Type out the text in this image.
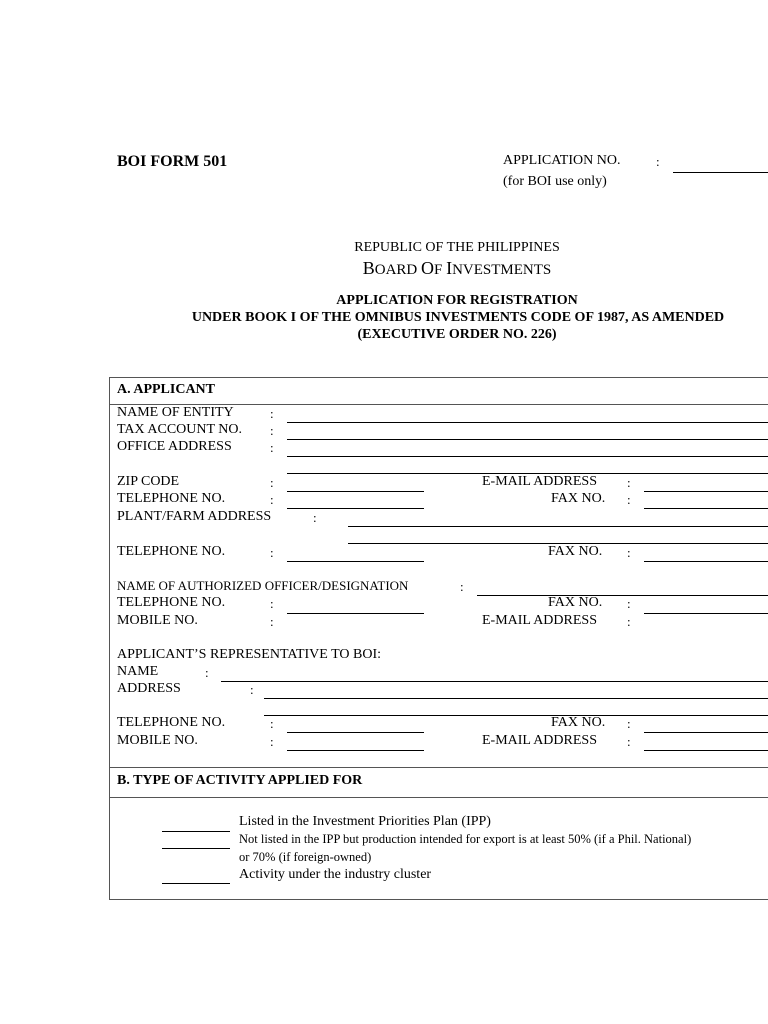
BOI FORM 501	APPLICATION NO.	:
(for BOI use only)
REPUBLIC OF THE PHILIPPINES
BOARD OF INVESTMENTS
APPLICATION FOR REGISTRATION
UNDER BOOK I OF THE OMNIBUS INVESTMENTS CODE OF 1987, AS AMENDED
(EXECUTIVE ORDER NO. 226)
A. APPLICANT
NAME OF ENTITY	:
TAX ACCOUNT NO. :
OFFICE ADDRESS	:
ZIP CODE	:	E-MAIL ADDRESS :
TELEPHONE NO.	:	FAX NO. :
PLANT/FARM ADDRESS	:
TELEPHONE NO.	:	FAX NO. :
NAME OF AUTHORIZED OFFICER/DESIGNATION	:
TELEPHONE NO.	:	FAX NO. :
MOBILE NO.	:	E-MAIL ADDRESS :
APPLICANT’S REPRESENTATIVE TO BOI:
NAME	:
ADDRESS	:
TELEPHONE NO.	:	FAX NO. :
MOBILE NO.	:	E-MAIL ADDRESS :
B. TYPE OF ACTIVITY APPLIED FOR
Listed in the Investment Priorities Plan (IPP)
Not listed in the IPP but production intended for export is at least 50% (if a Phil. National)
or 70% (if foreign-owned)
Activity under the industry cluster
